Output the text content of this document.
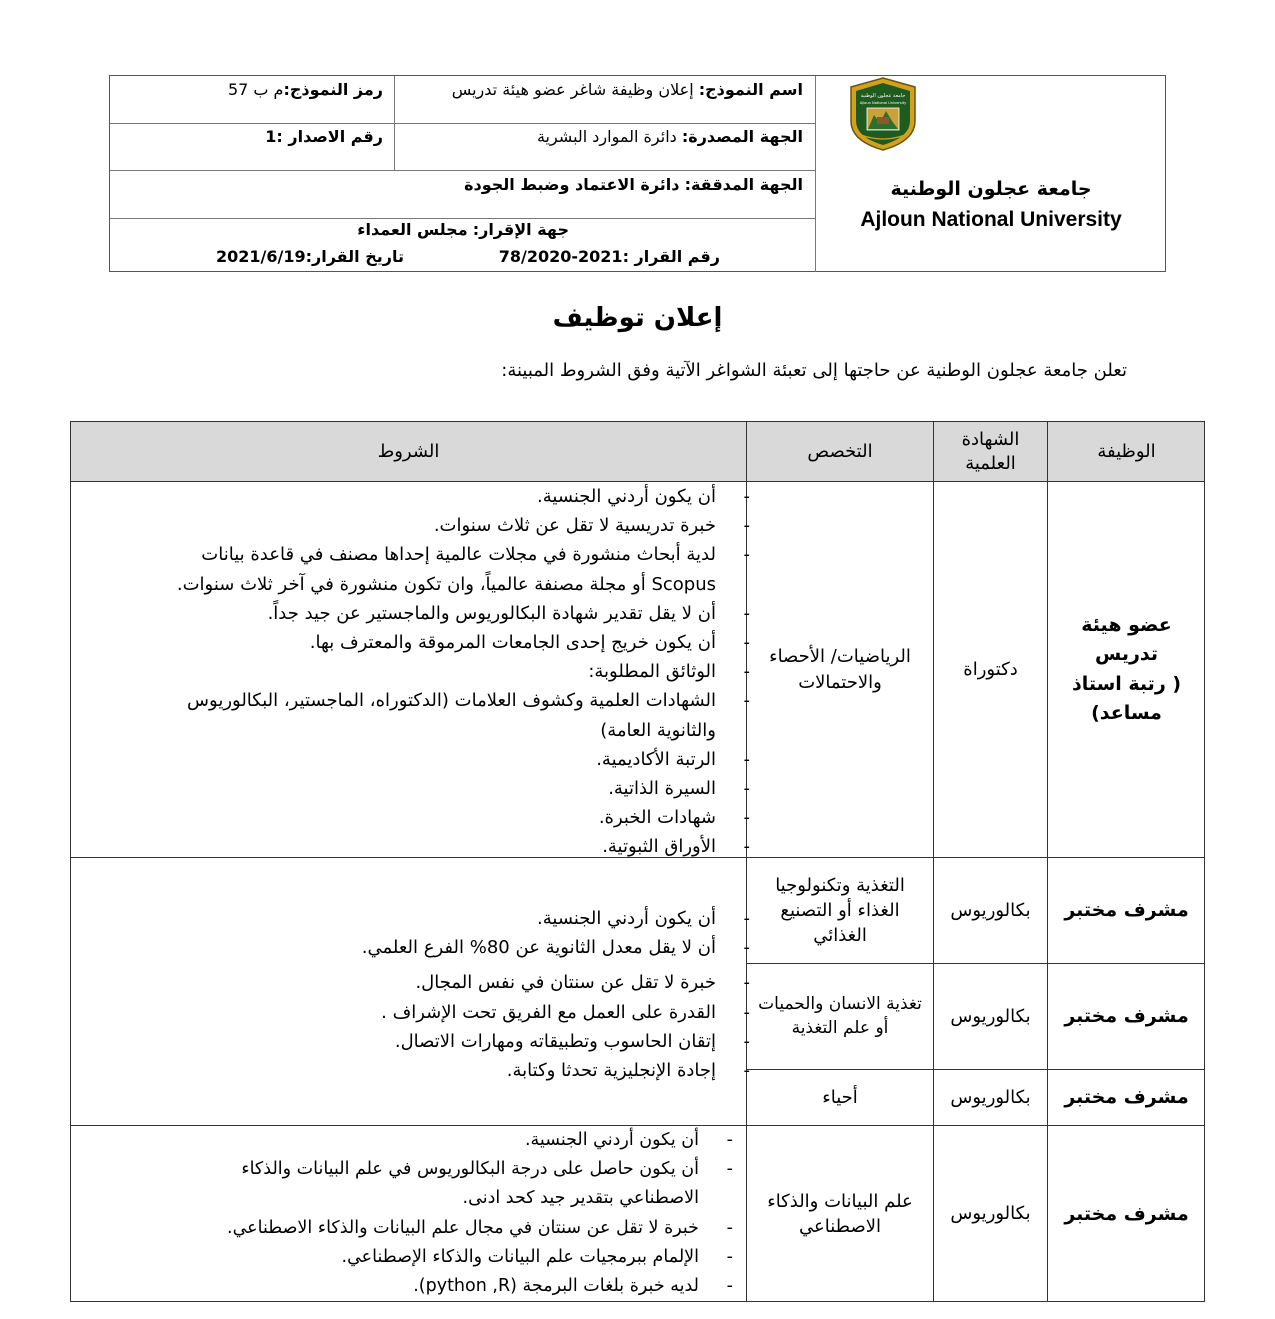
اسم النموذج: إعلان وظيفة شاغر عضو هيئة تدريس
رمز النموذج:م ب 57
الجهة المصدرة: دائرة الموارد البشرية
رقم الاصدار :1
الجهة المدققة: دائرة الاعتماد وضبط الجودة
جهة الإقرار: مجلس العمداء
رقم القرار :78/2020-2021
تاريخ القرار:2021/6/19
جامعة عجلون الوطنية
Ajloun National University
جامعة عجلون الوطنية
Ajloun National University
إعلان توظيف
تعلن جامعة عجلون الوطنية عن حاجتها إلى تعبئة الشواغر الآتية وفق الشروط المبينة:
الوظيفة
الشهادة
العلمية
التخصص
الشروط
عضو هيئة
تدريس
( رتبة استاذ
مساعد)
دكتوراة
الرياضيات/ الأحصاء
والاحتمالات
- أن يكون أردني الجنسية.
- خبرة تدريسية لا تقل عن ثلاث سنوات.
- لدية أبحاث منشورة في مجلات عالمية إحداها مصنف في قاعدة بيانات
Scopus أو مجلة مصنفة عالمياً، وان تكون منشورة في آخر ثلاث سنوات.
- أن لا يقل تقدير شهادة البكالوريوس والماجستير عن جيد جداً.
- أن يكون خريج إحدى الجامعات المرموقة والمعترف بها.
- الوثائق المطلوبة:
- الشهادات العلمية وكشوف العلامات (الدكتوراه، الماجستير، البكالوريوس
والثانوية العامة)
- الرتبة الأكاديمية.
- السيرة الذاتية.
- شهادات الخبرة.
- الأوراق الثبوتية.
مشرف مختبر
بكالوريوس
التغذية وتكنولوجيا
الغذاء أو التصنيع
الغذائي
مشرف مختبر
بكالوريوس
تغذية الانسان والحميات
أو علم التغذية
مشرف مختبر
بكالوريوس
أحياء
- أن يكون أردني الجنسية.
- أن لا يقل معدل الثانوية عن 80% الفرع العلمي.
- خبرة لا تقل عن سنتان في نفس المجال.
- القدرة على العمل مع الفريق تحت الإشراف .
- إتقان الحاسوب وتطبيقاته ومهارات الاتصال.
- إجادة الإنجليزية تحدثا وكتابة.
مشرف مختبر
بكالوريوس
علم البيانات والذكاء
الاصطناعي
- أن يكون أردني الجنسية.
- أن يكون حاصل على درجة البكالوريوس في علم البيانات والذكاء
الاصطناعي بتقدير جيد كحد ادنى.
- خبرة لا تقل عن سنتان في مجال علم البيانات والذكاء الاصطناعي.
- الإلمام ببرمجيات علم البيانات والذكاء الإصطناعي.
- لديه خبرة بلغات البرمجة (python ,R).
